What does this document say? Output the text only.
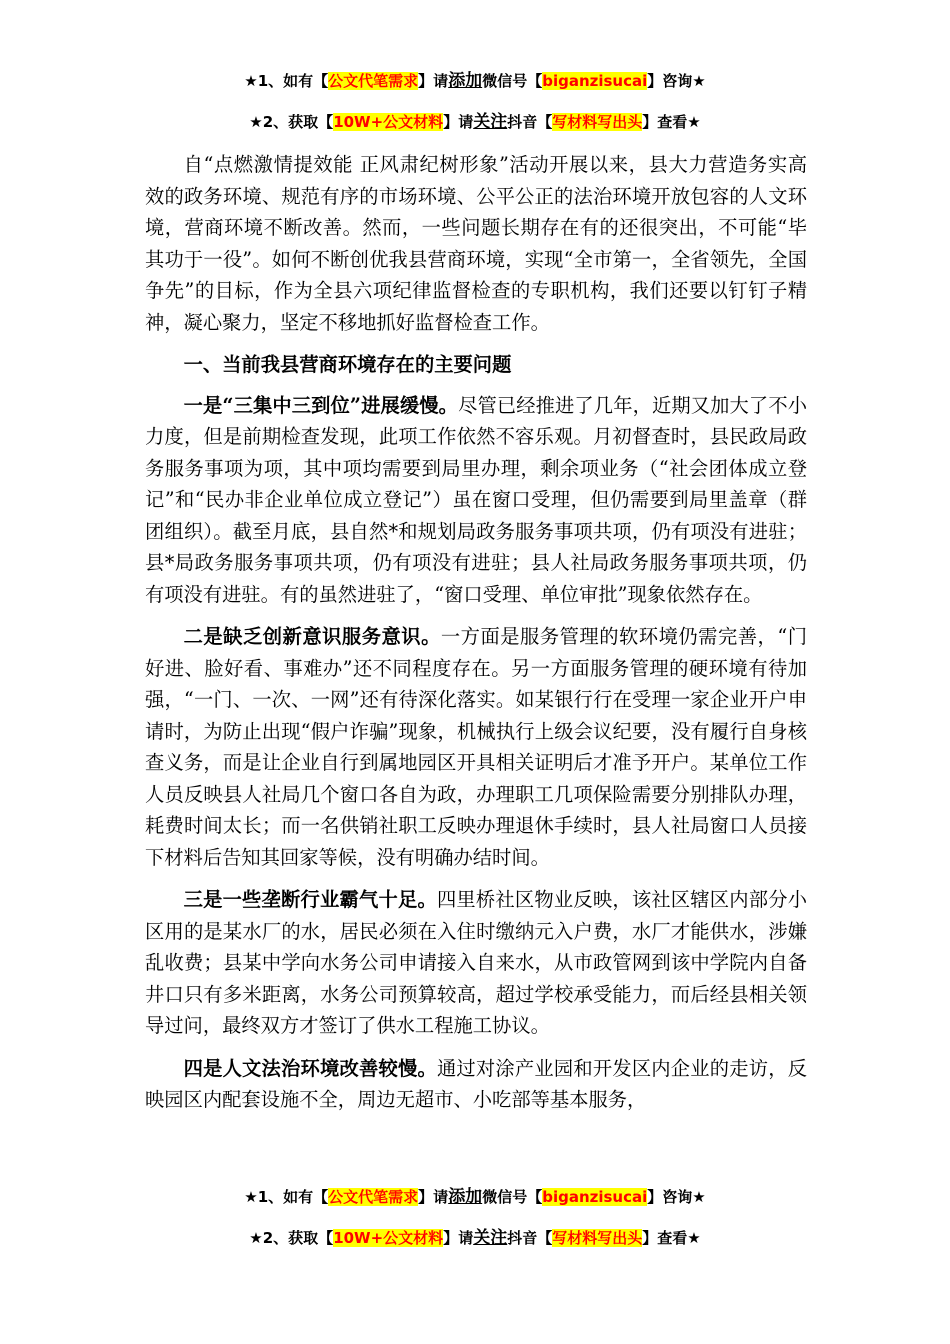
★1、如有【公文代笔需求】请添加微信号【biganzisucai】咨询★
★2、获取【10W+公文材料】请关注抖音【写材料写出头】查看★

自“点燃激情提效能 正风肃纪树形象”活动开展以来，县大力营造务实高效的政务环境、规范有序的市场环境、公平公正的法治环境开放包容的人文环境，营商环境不断改善。然而，一些问题长期存在有的还很突出，不可能“毕其功于一役”。如何不断创优我县营商环境，实现“全市第一，全省领先，全国争先”的目标，作为全县六项纪律监督检查的专职机构，我们还要以钉钉子精神，凝心聚力，坚定不移地抓好监督检查工作。

一、当前我县营商环境存在的主要问题

一是“三集中三到位”进展缓慢。尽管已经推进了几年，近期又加大了不小力度，但是前期检查发现，此项工作依然不容乐观。月初督查时，县民政局政务服务事项为项，其中项均需要到局里办理，剩余项业务（“社会团体成立登记”和“民办非企业单位成立登记”）虽在窗口受理，但仍需要到局里盖章（群团组织）。截至月底，县自然*和规划局政务服务事项共项，仍有项没有进驻；县*局政务服务事项共项，仍有项没有进驻；县人社局政务服务事项共项，仍有项没有进驻。有的虽然进驻了，“窗口受理、单位审批”现象依然存在。

二是缺乏创新意识服务意识。一方面是服务管理的软环境仍需完善，“门好进、脸好看、事难办”还不同程度存在。另一方面服务管理的硬环境有待加强，“一门、一次、一网”还有待深化落实。如某银行行在受理一家企业开户申请时，为防止出现“假户诈骗”现象，机械执行上级会议纪要，没有履行自身核查义务，而是让企业自行到属地园区开具相关证明后才准予开户。某单位工作人员反映县人社局几个窗口各自为政，办理职工几项保险需要分别排队办理，耗费时间太长；而一名供销社职工反映办理退休手续时，县人社局窗口人员接下材料后告知其回家等候，没有明确办结时间。

三是一些垄断行业霸气十足。四里桥社区物业反映，该社区辖区内部分小区用的是某水厂的水，居民必须在入住时缴纳元入户费，水厂才能供水，涉嫌乱收费；县某中学向水务公司申请接入自来水，从市政管网到该中学院内自备井口只有多米距离，水务公司预算较高，超过学校承受能力，而后经县相关领导过问，最终双方才签订了供水工程施工协议。

四是人文法治环境改善较慢。通过对涂产业园和开发区内企业的走访，反映园区内配套设施不全，周边无超市、小吃部等基本服务，

★1、如有【公文代笔需求】请添加微信号【biganzisucai】咨询★
★2、获取【10W+公文材料】请关注抖音【写材料写出头】查看★
